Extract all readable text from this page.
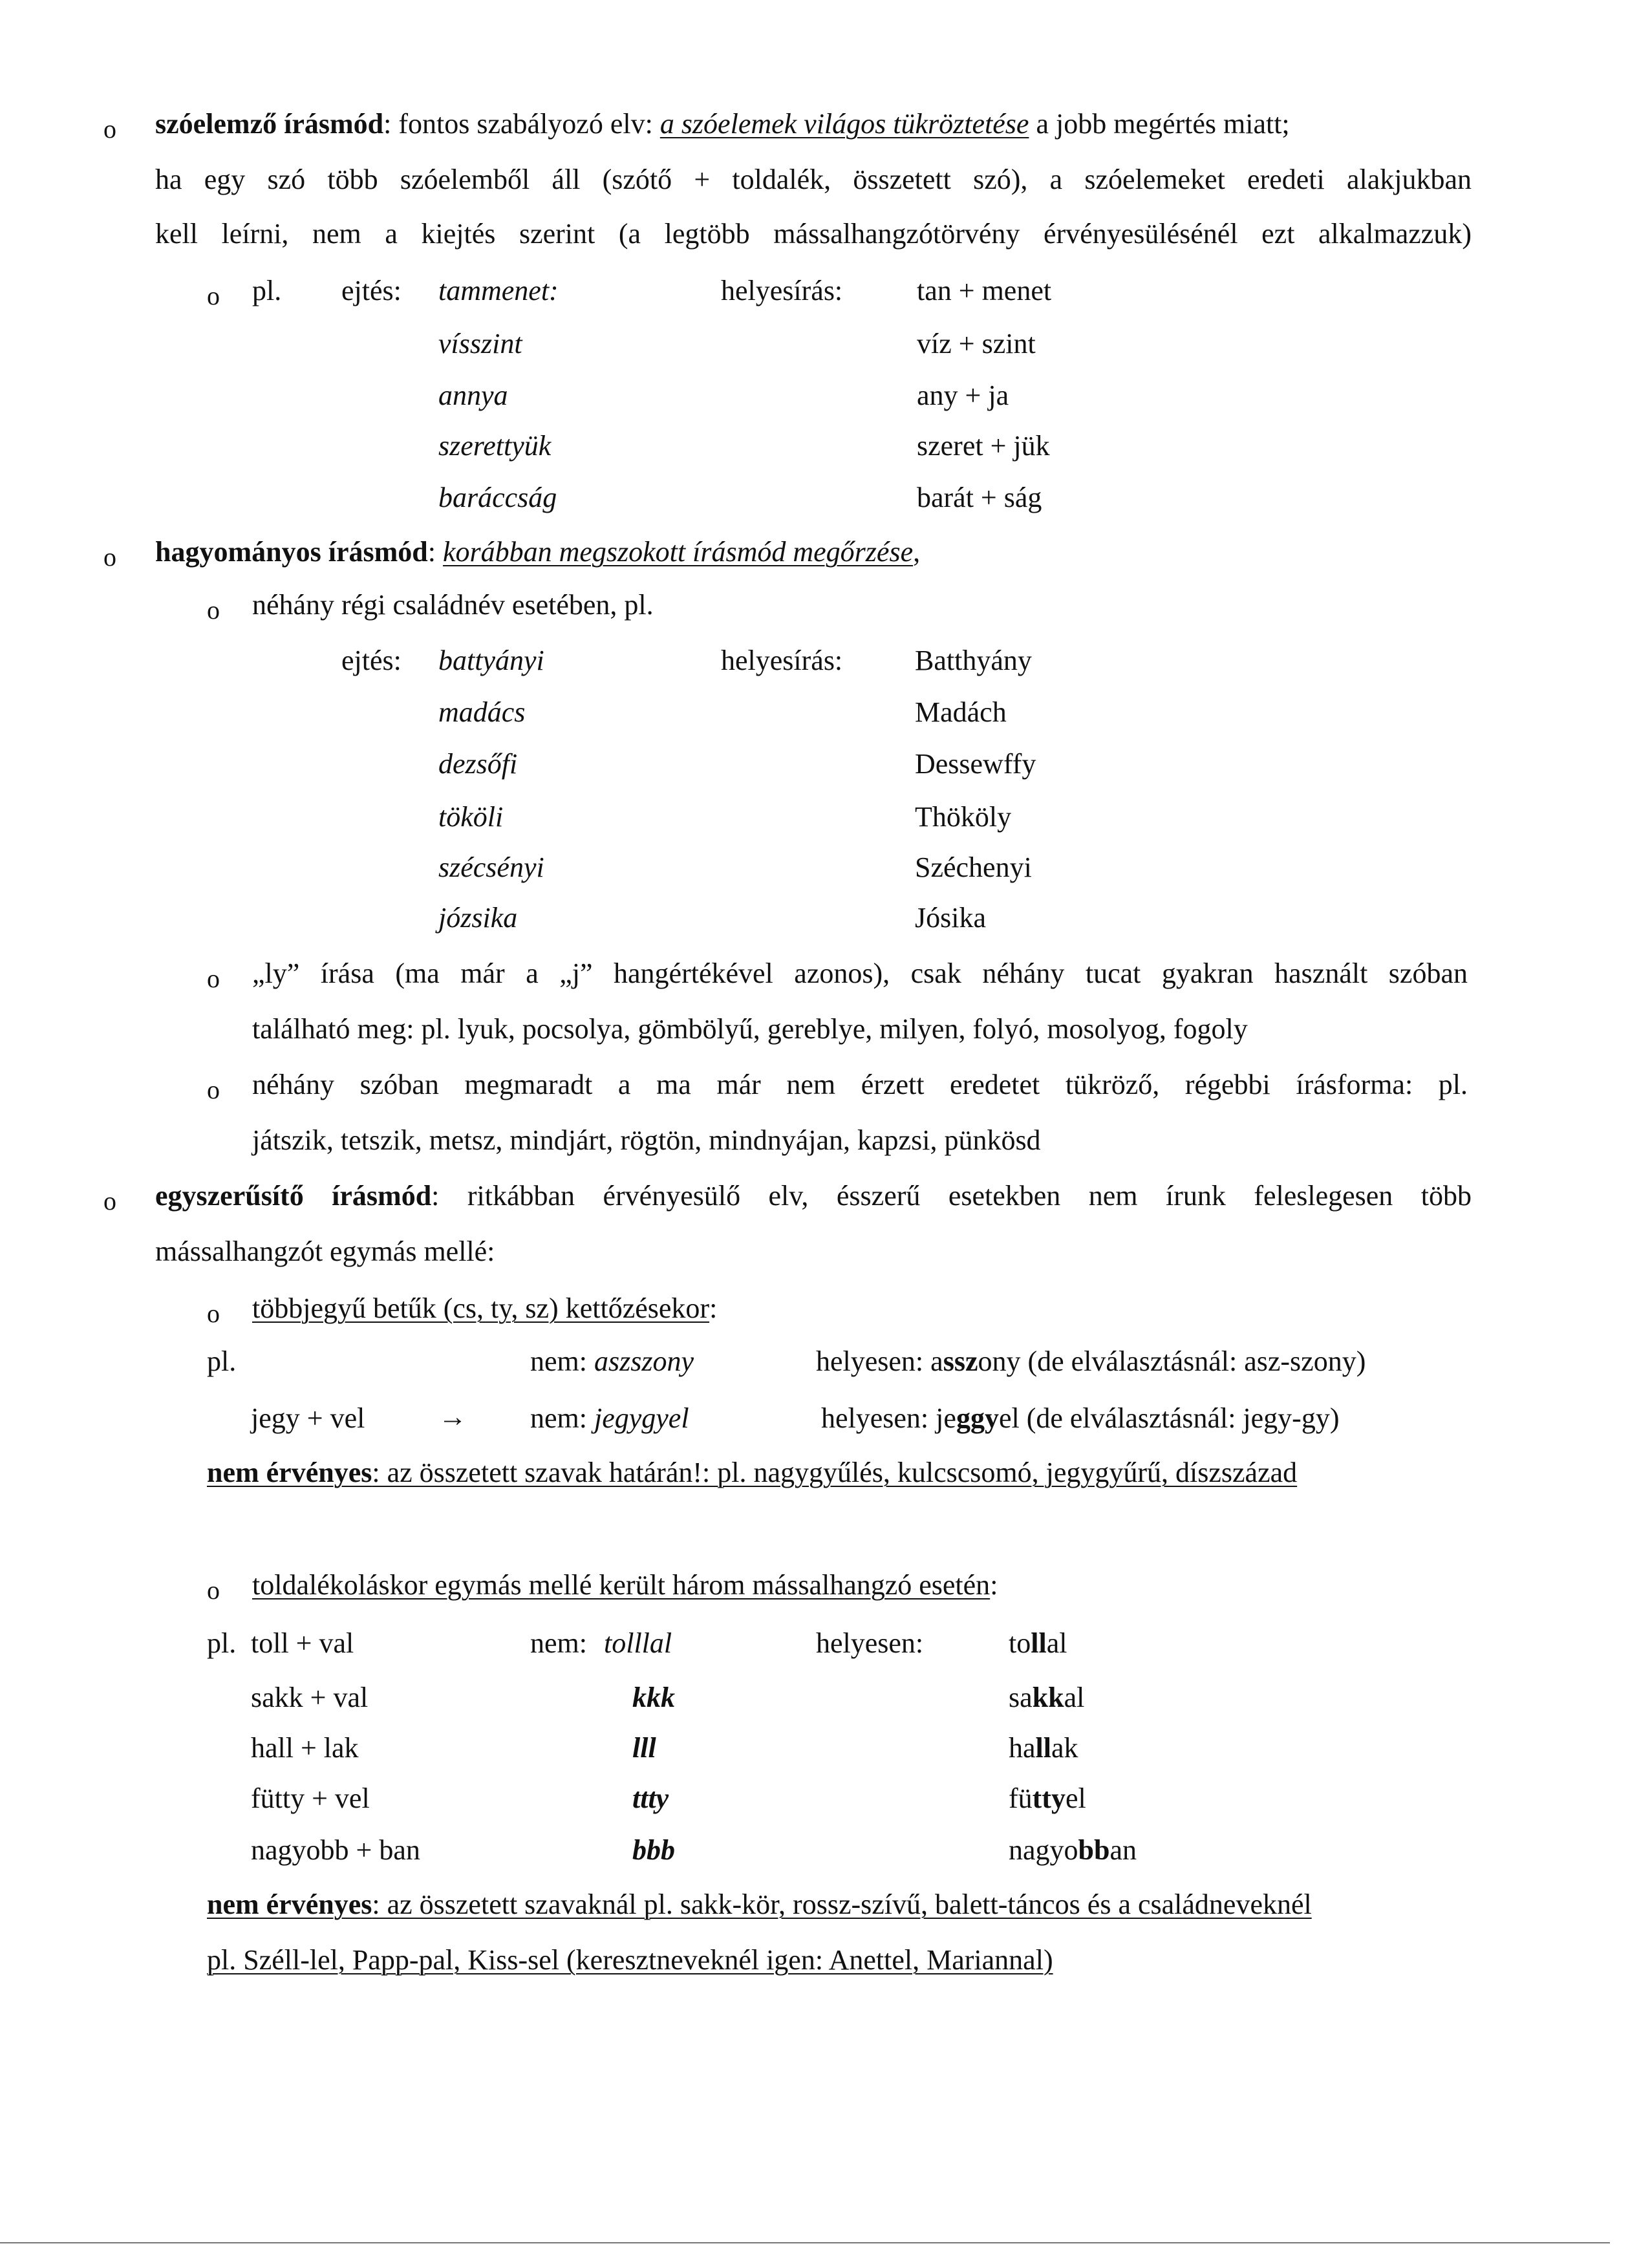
o szóelemző írásmód: fontos szabályozó elv: a szóelemek világos tükröztetése a jobb megértés miatt;
ha egy szó több szóelemből áll (szótő + toldalék, összetett szó), a szóelemeket eredeti alakjukban
kell leírni, nem a kiejtés szerint (a legtöbb mássalhangzótörvény érvényesülésénél ezt alkalmazzuk)
o pl. ejtés:	helyesírás:
tammenet:	tan + menet
vísszint	víz + szint
annya	any + ja
szerettyük	szeret + jük
baráccság	barát + ság
o hagyományos írásmód: korábban megszokott írásmód megőrzése,
o néhány régi családnév esetében, pl.
ejtés:	helyesírás:
battyányi	Batthyány
madács	Madách
dezsőfi	Dessewffy
tököli	Thököly
szécsényi	Széchenyi
józsika	Jósika
o „ly” írása (ma már a „j” hangértékével azonos), csak néhány tucat gyakran használt szóban
található meg: pl. lyuk, pocsolya, gömbölyű, gereblye, milyen, folyó, mosolyog, fogoly
o néhány szóban megmaradt a ma már nem érzett eredetet tükröző, régebbi írásforma: pl.
játszik, tetszik, metsz, mindjárt, rögtön, mindnyájan, kapzsi, pünkösd
o egyszerűsítő írásmód: ritkábban érvényesülő elv, ésszerű esetekben nem írunk feleslegesen több
mássalhangzót egymás mellé:
o többjegyű betűk (cs, ty, sz) kettőzésekor:
pl.	nem: aszszony	helyesen: asszony (de elválasztásnál: asz-szony)
jegy + vel	→ nem: jegygyel	helyesen: jeggyel (de elválasztásnál: jegy-gy)
nem érvényes: az összetett szavak határán!: pl. nagygyűlés, kulcscsomó, jegygyűrű, díszszázad
o toldalékoláskor egymás mellé került három mássalhangzó esetén:
pl.	nem:	helyesen:
toll + val	tolllal	tollal
sakk + val	kkk	sakkal
hall + lak	lll	hallak
fütty + vel	ttty	füttyel
nagyobb + ban	bbb	nagyobban
nem érvényes: az összetett szavaknál pl. sakk-kör, rossz-szívű, balett-táncos és a családneveknél
pl. Széll-lel, Papp-pal, Kiss-sel (keresztneveknél igen: Anettel, Mariannal)
